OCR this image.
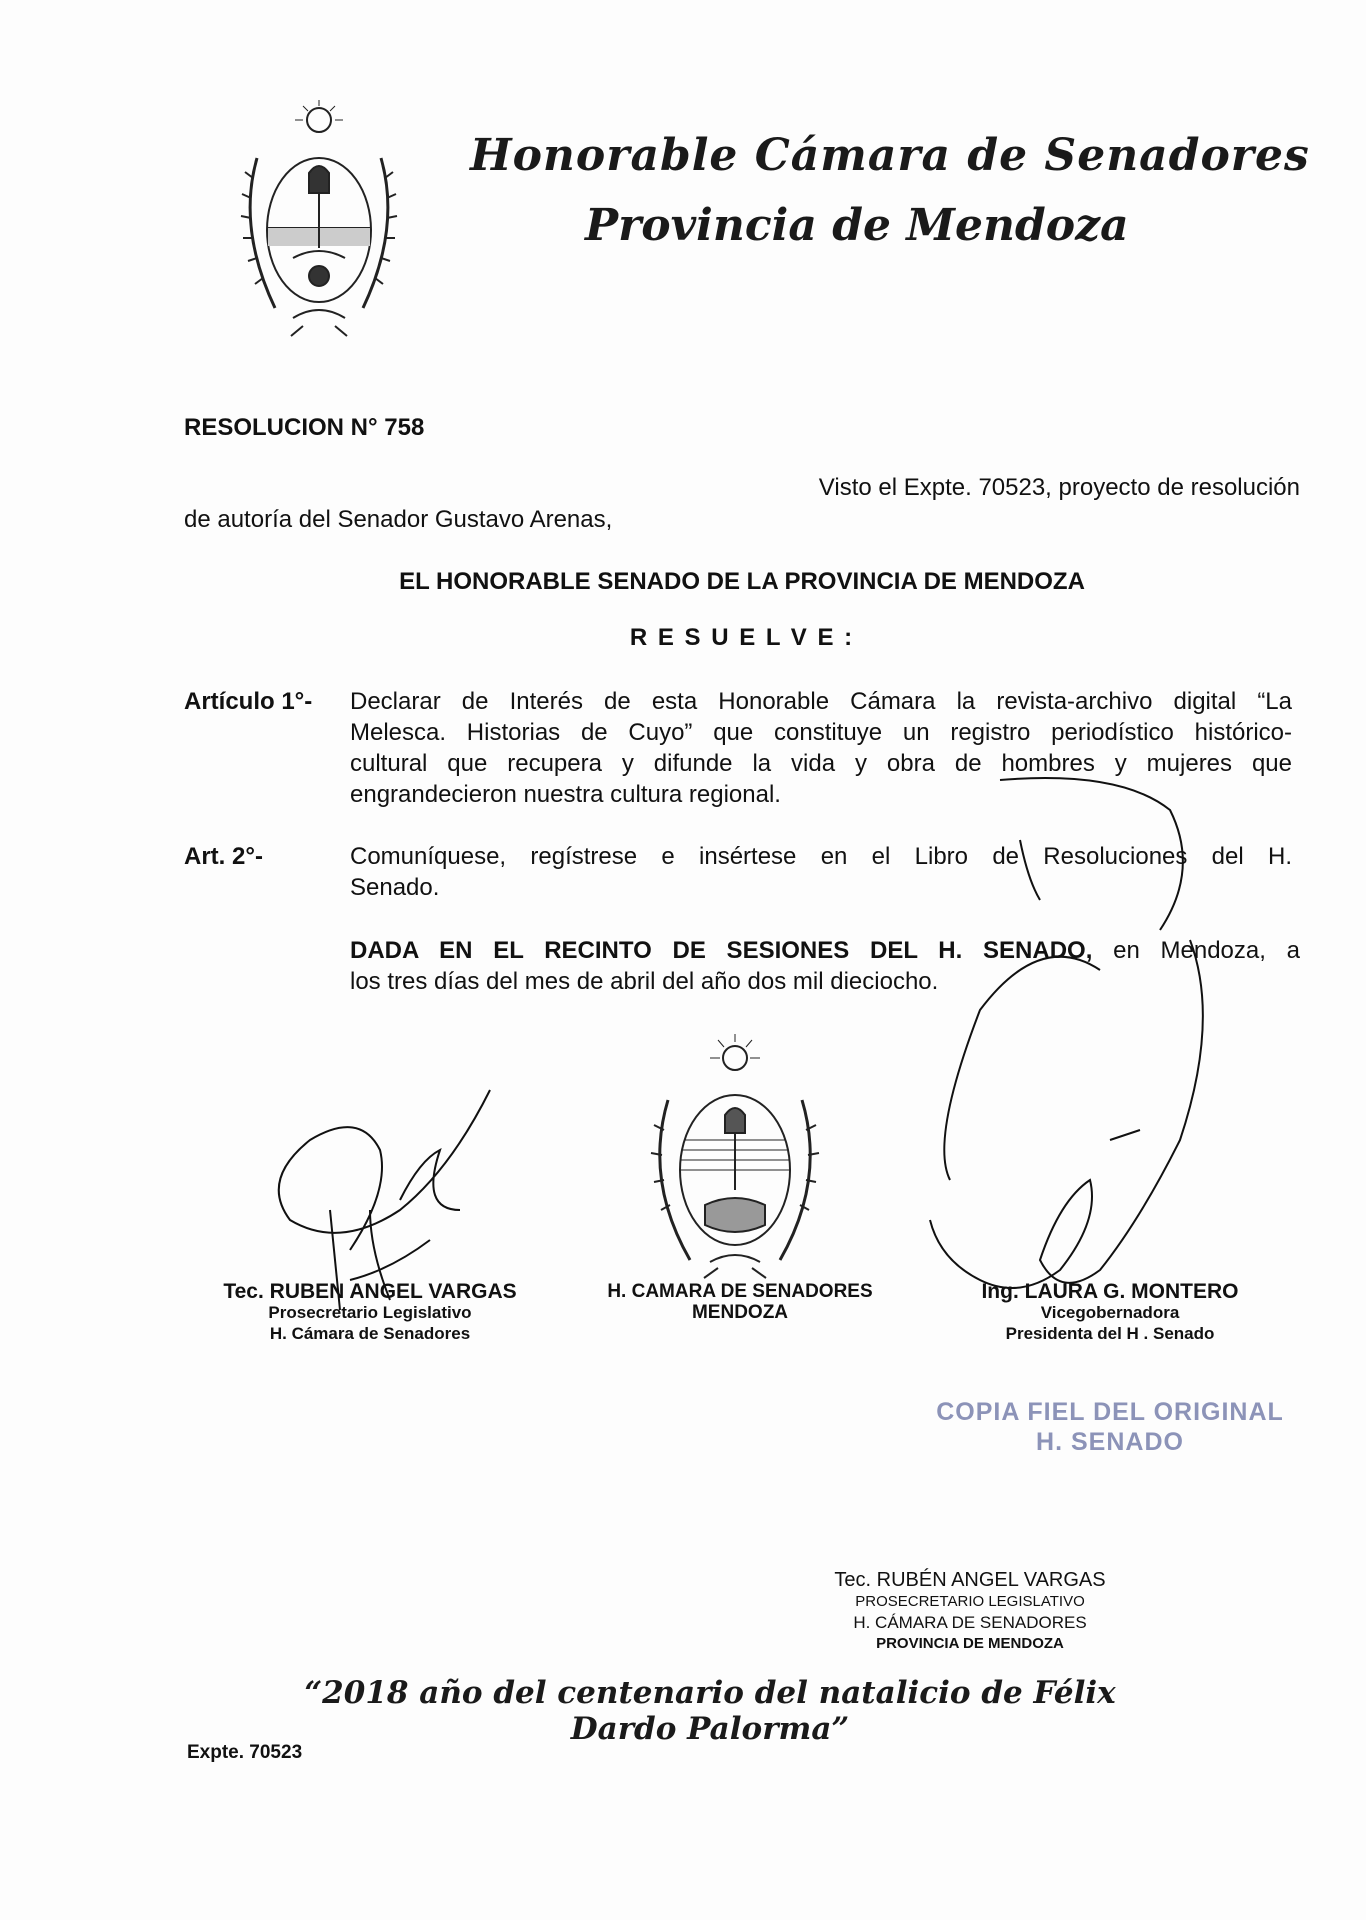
Honorable Cámara de Senadores
Provincia de Mendoza
RESOLUCION N° 758
Visto el Expte. 70523, proyecto de resolución
de autoría del Senador Gustavo Arenas,
EL HONORABLE SENADO DE LA PROVINCIA DE MENDOZA
R E S U E L V E :
Artículo 1°- Declarar de Interés de esta Honorable Cámara la revista-archivo digital “La
Melesca. Historias de Cuyo” que constituye un registro periodístico histórico-
cultural que recupera y difunde la vida y obra de hombres y mujeres que
engrandecieron nuestra cultura regional.
Art. 2°-	Comuníquese, regístrese e insértese en el Libro de Resoluciones del H.
Senado.
DADA EN EL RECINTO DE SESIONES DEL H. SENADO, en Mendoza, a
los tres días del mes de abril del año dos mil dieciocho.
Tec. RUBEN ANGEL VARGAS
Prosecretario Legislativo
H. Cámara de Senadores
H. CAMARA DE SENADORES
MENDOZA
Ing. LAURA G. MONTERO
Vicegobernadora
Presidenta del H . Senado
COPIA FIEL DEL ORIGINAL
H. SENADO
Tec. RUBÉN ANGEL VARGAS
PROSECRETARIO LEGISLATIVO
H. CÁMARA DE SENADORES
PROVINCIA DE MENDOZA
“2018 año del centenario del natalicio de Félix Dardo Palorma”
Expte. 70523
